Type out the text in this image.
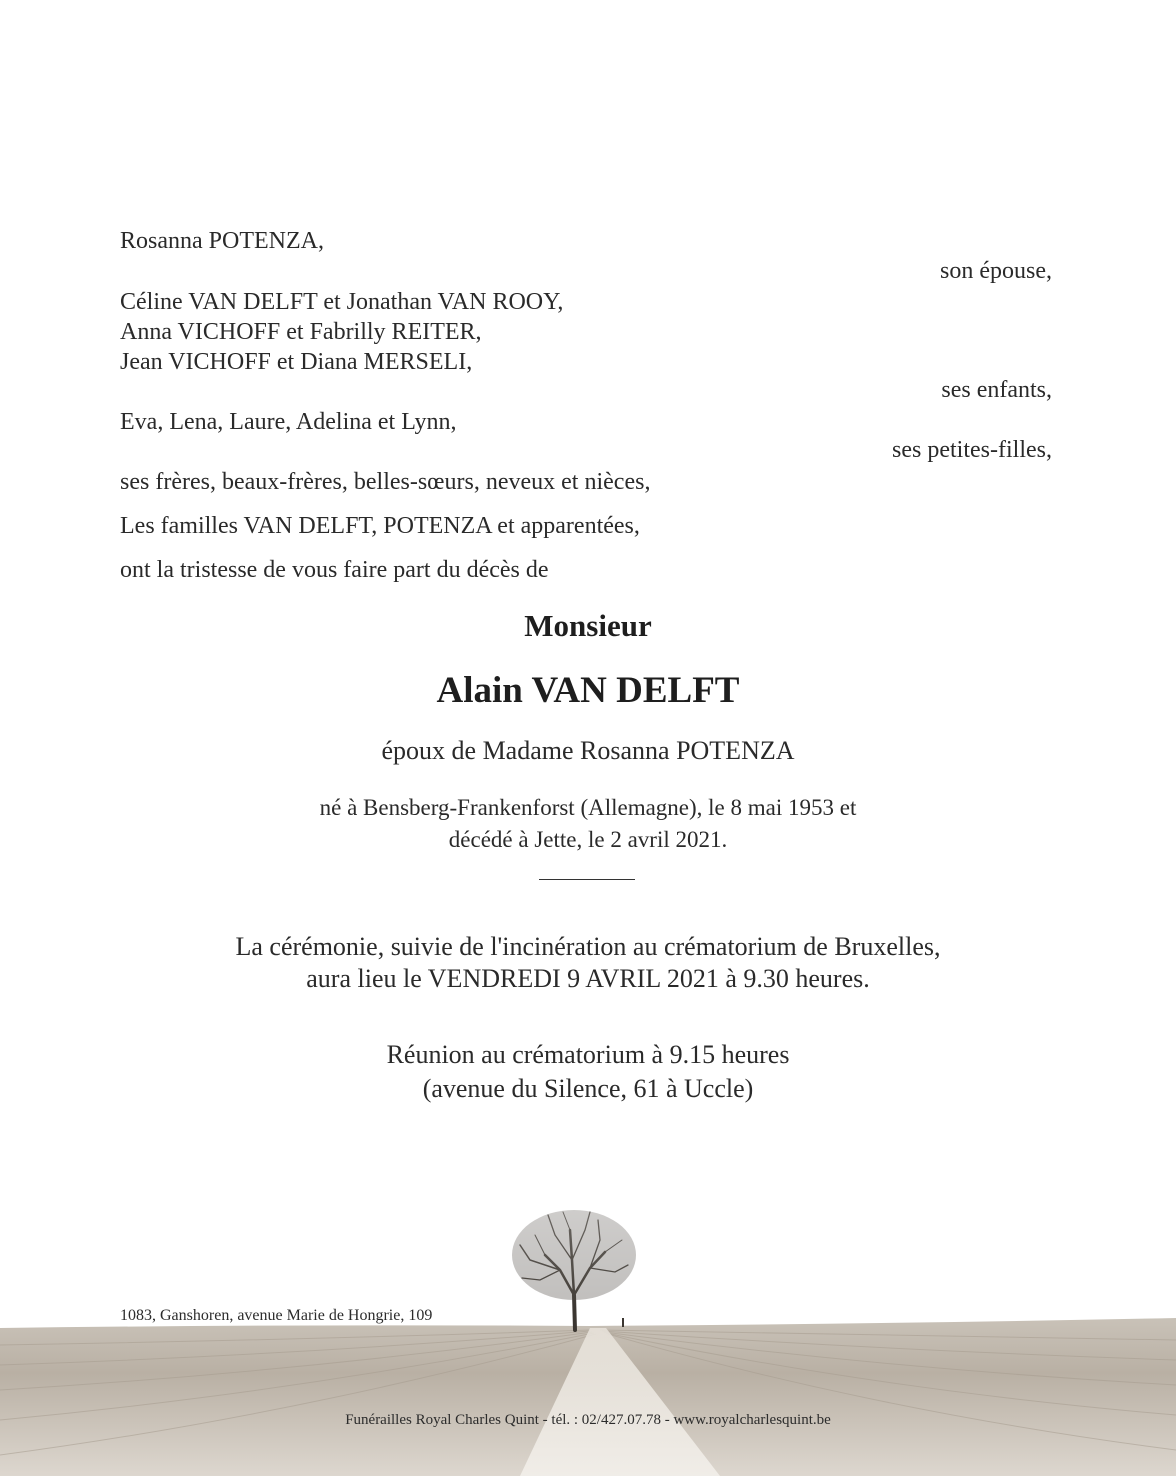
Rosanna POTENZA,
son épouse,
Céline VAN DELFT et Jonathan VAN ROOY,
Anna VICHOFF et Fabrilly REITER,
Jean VICHOFF et Diana MERSELI,
ses enfants,
Eva, Lena, Laure, Adelina et Lynn,
ses petites-filles,
ses frères, beaux-frères, belles-sœurs, neveux et nièces,
Les familles VAN DELFT, POTENZA et apparentées,
ont la tristesse de vous faire part du décès de
Monsieur
Alain VAN DELFT
époux de Madame Rosanna POTENZA
né à Bensberg-Frankenforst (Allemagne), le 8 mai 1953 et
décédé à Jette, le 2 avril 2021.
La cérémonie, suivie de l'incinération au crématorium de Bruxelles,
aura lieu le VENDREDI 9 AVRIL 2021 à 9.30 heures.
Réunion au crématorium à 9.15 heures
(avenue du Silence, 61 à Uccle)
1083, Ganshoren, avenue Marie de Hongrie, 109
Funérailles Royal Charles Quint - tél. : 02/427.07.78 - www.royalcharlesquint.be
